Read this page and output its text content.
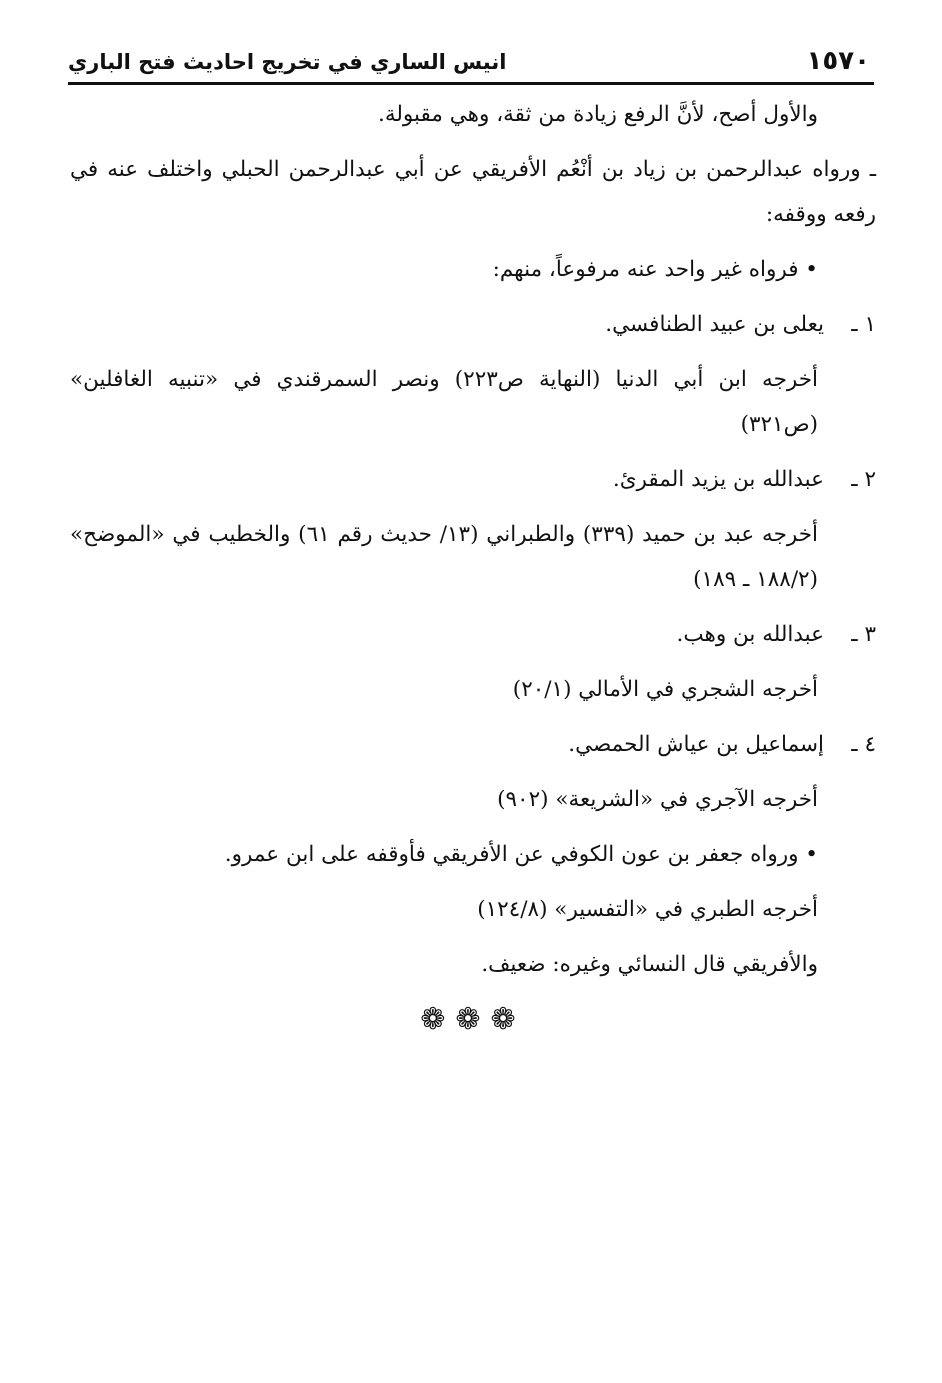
انيس الساري في تخريج احاديث فتح الباري	١٥٧٠

والأول أصح، لأنَّ الرفع زيادة من ثقة، وهي مقبولة.

ـ ورواه عبدالرحمن بن زياد بن أنْعُم الأفريقي عن أبي عبدالرحمن الحبلي واختلف عنه في رفعه ووقفه:

• فرواه غير واحد عنه مرفوعاً، منهم:

١ ـ
يعلى بن عبيد الطنافسي.

أخرجه ابن أبي الدنيا (النهاية ص٢٢٣) ونصر السمرقندي في «تنبيه الغافلين» (ص٣٢١)

٢ ـ
عبدالله بن يزيد المقرئ.

أخرجه عبد بن حميد (٣٣٩) والطبراني (١٣/ حديث رقم ٦١) والخطيب في «الموضح» (١٨٨/٢ ـ ١٨٩)

٣ ـ
عبدالله بن وهب.

أخرجه الشجري في الأمالي (٢٠/١)

٤ ـ
إسماعيل بن عياش الحمصي.

أخرجه الآجري في «الشريعة» (٩٠٢)

• ورواه جعفر بن عون الكوفي عن الأفريقي فأوقفه على ابن عمرو.

أخرجه الطبري في «التفسير» (١٢٤/٨)

والأفريقي قال النسائي وغيره: ضعيف.

❁❁❁
